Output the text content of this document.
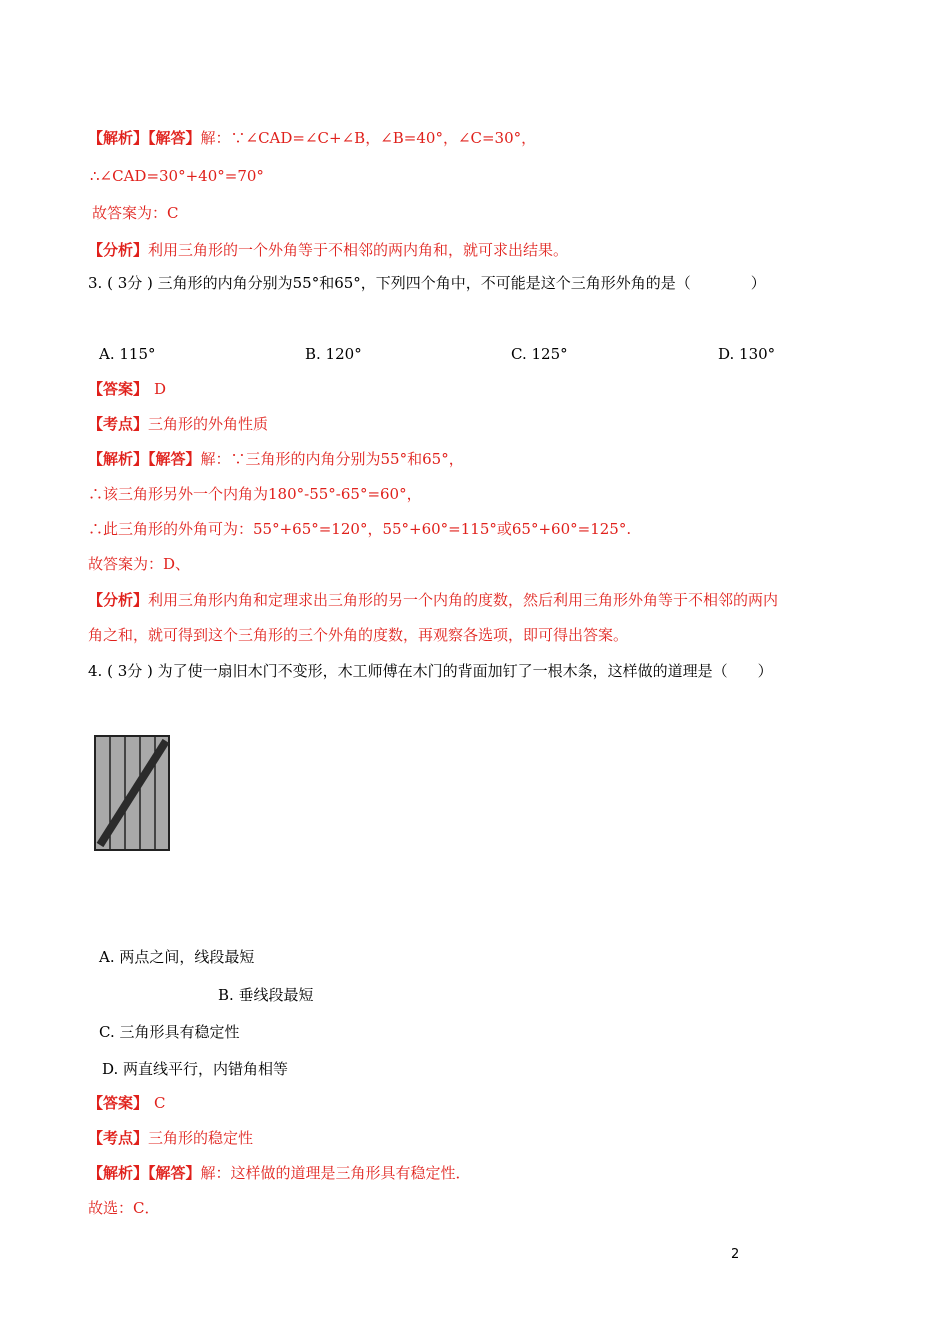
【解析】【解答】解：∵∠CAD=∠C+∠B，∠B=40°，∠C=30°，
∴∠CAD=30°+40°=70°
故答案为：C
【分析】利用三角形的一个外角等于不相邻的两内角和，就可求出结果。
3. ( 3分 ) 三角形的内角分别为55°和65°，下列四个角中，不可能是这个三角形外角的是（　　　　）
A. 115°	B. 120°	C. 125°	D. 130°
【答案】 D
【考点】三角形的外角性质
【解析】【解答】解：∵三角形的内角分别为55°和65°，
∴该三角形另外一个内角为180°-55°-65°=60°，
∴此三角形的外角可为：55°+65°=120°，55°+60°=115°或65°+60°=125°.
故答案为：D、
【分析】利用三角形内角和定理求出三角形的另一个内角的度数，然后利用三角形外角等于不相邻的两内
角之和，就可得到这个三角形的三个外角的度数，再观察各选项，即可得出答案。
4. ( 3分 ) 为了使一扇旧木门不变形，木工师傅在木门的背面加钉了一根木条，这样做的道理是（　　）
A. 两点之间，线段最短
B. 垂线段最短
C. 三角形具有稳定性
D. 两直线平行，内错角相等
【答案】 C
【考点】三角形的稳定性
【解析】【解答】解：这样做的道理是三角形具有稳定性．
故选：C．
2
